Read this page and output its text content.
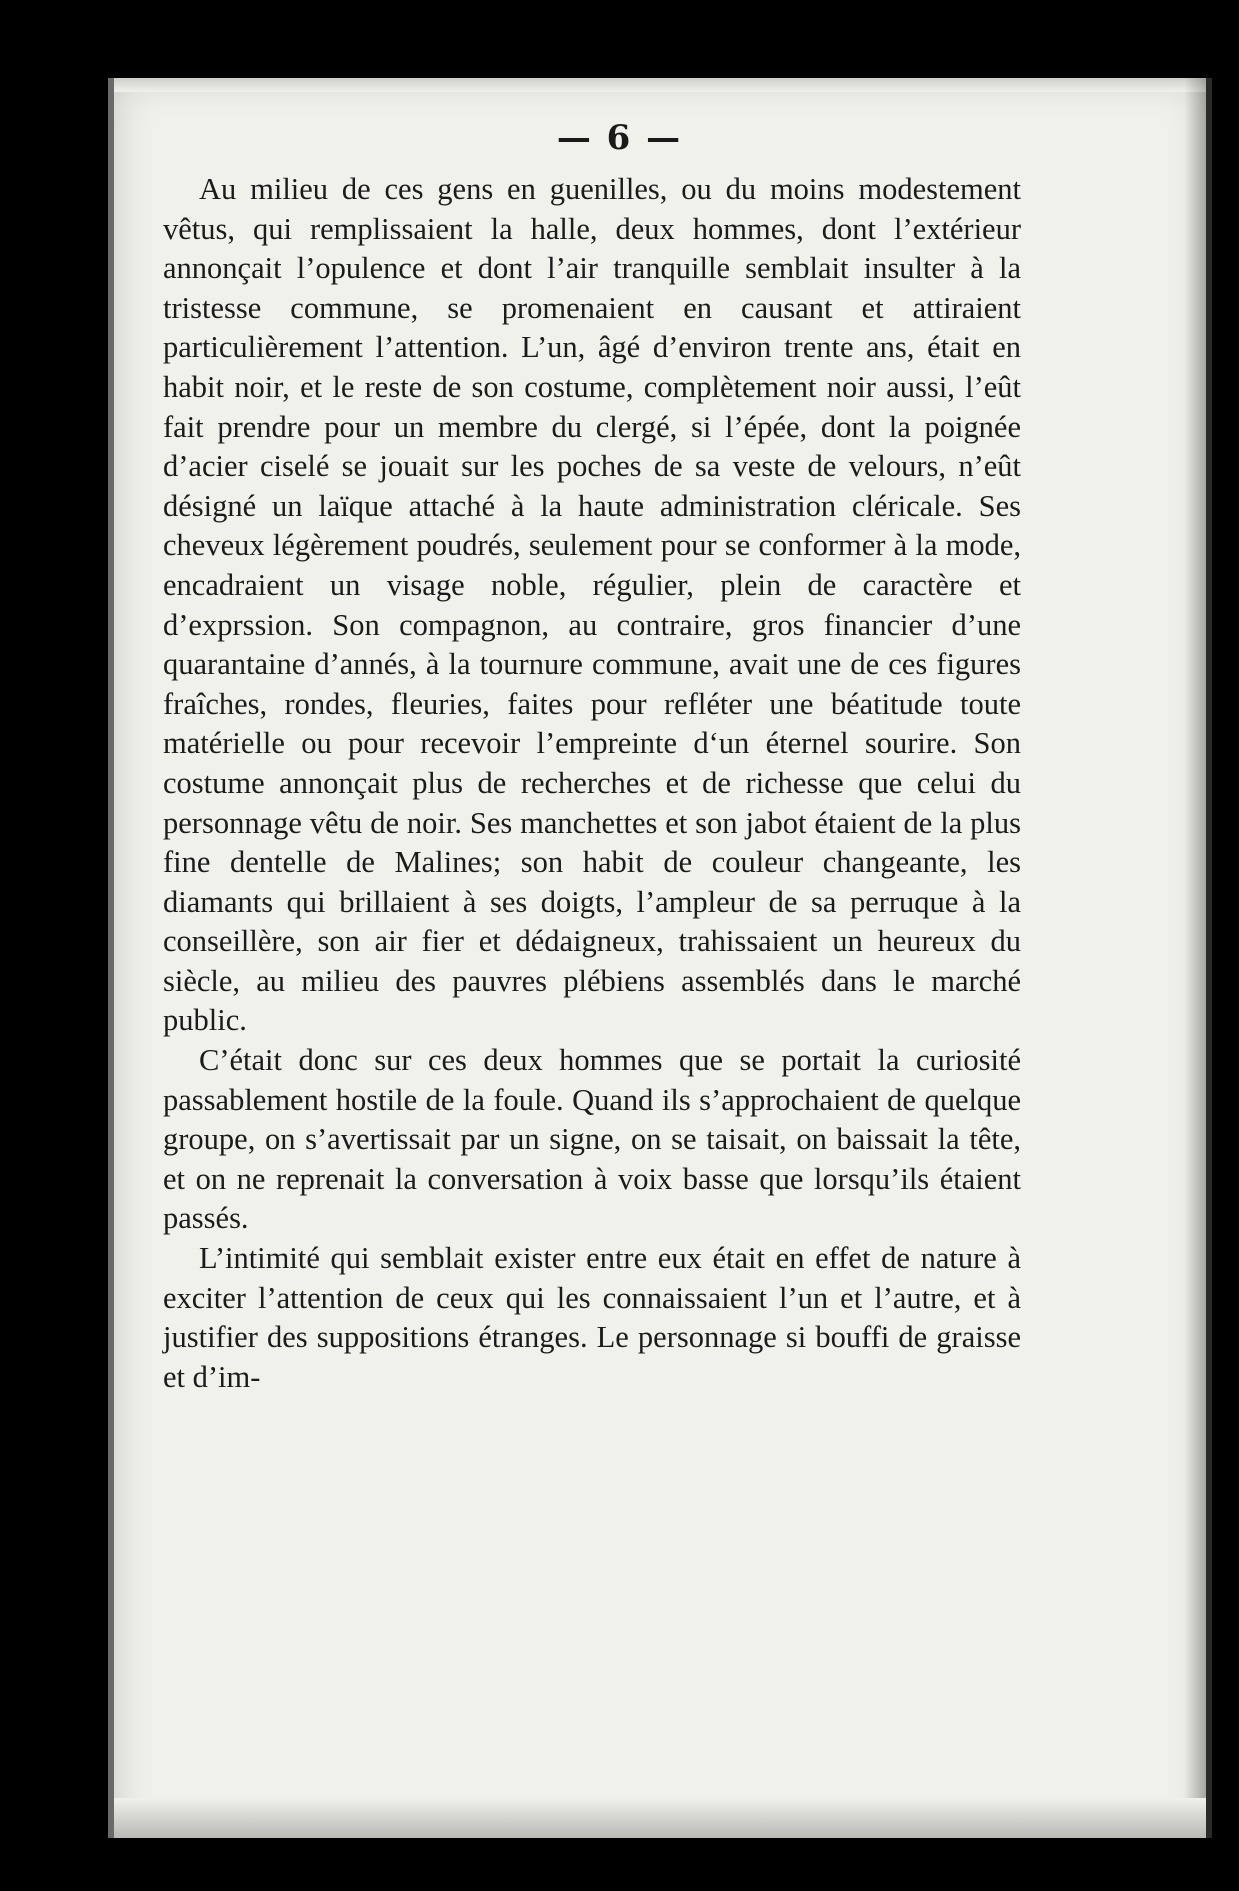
— 6 —

Au milieu de ces gens en guenilles, ou du moins modestement vêtus, qui remplissaient la halle, deux hommes, dont l’extérieur annonçait l’opulence et dont l’air tranquille semblait insulter à la tristesse commune, se promenaient en causant et attiraient particulièrement l’attention. L’un, âgé d’environ trente ans, était en habit noir, et le reste de son costume, complètement noir aussi, l’eût fait prendre pour un membre du clergé, si l’épée, dont la poignée d’acier ciselé se jouait sur les poches de sa veste de velours, n’eût désigné un laïque attaché à la haute administration cléricale. Ses cheveux légèrement poudrés, seulement pour se conformer à la mode, encadraient un visage noble, régulier, plein de caractère et d’exprssion. Son compagnon, au contraire, gros financier d’une quarantaine d’annés, à la tournure commune, avait une de ces figures fraîches, rondes, fleuries, faites pour refléter une béatitude toute matérielle ou pour recevoir l’empreinte d‘un éternel sourire. Son costume annonçait plus de recherches et de richesse que celui du personnage vêtu de noir. Ses manchettes et son jabot étaient de la plus fine dentelle de Malines; son habit de couleur changeante, les diamants qui brillaient à ses doigts, l’ampleur de sa perruque à la conseillère, son air fier et dédaigneux, trahissaient un heureux du siècle, au milieu des pauvres plébiens assemblés dans le marché public.

C’était donc sur ces deux hommes que se portait la curiosité passablement hostile de la foule. Quand ils s’approchaient de quelque groupe, on s’avertissait par un signe, on se taisait, on baissait la tête, et on ne reprenait la conversation à voix basse que lorsqu’ils étaient passés.

L’intimité qui semblait exister entre eux était en effet de nature à exciter l’attention de ceux qui les connaissaient l’un et l’autre, et à justifier des suppositions étranges. Le personnage si bouffi de graisse et d’im-
